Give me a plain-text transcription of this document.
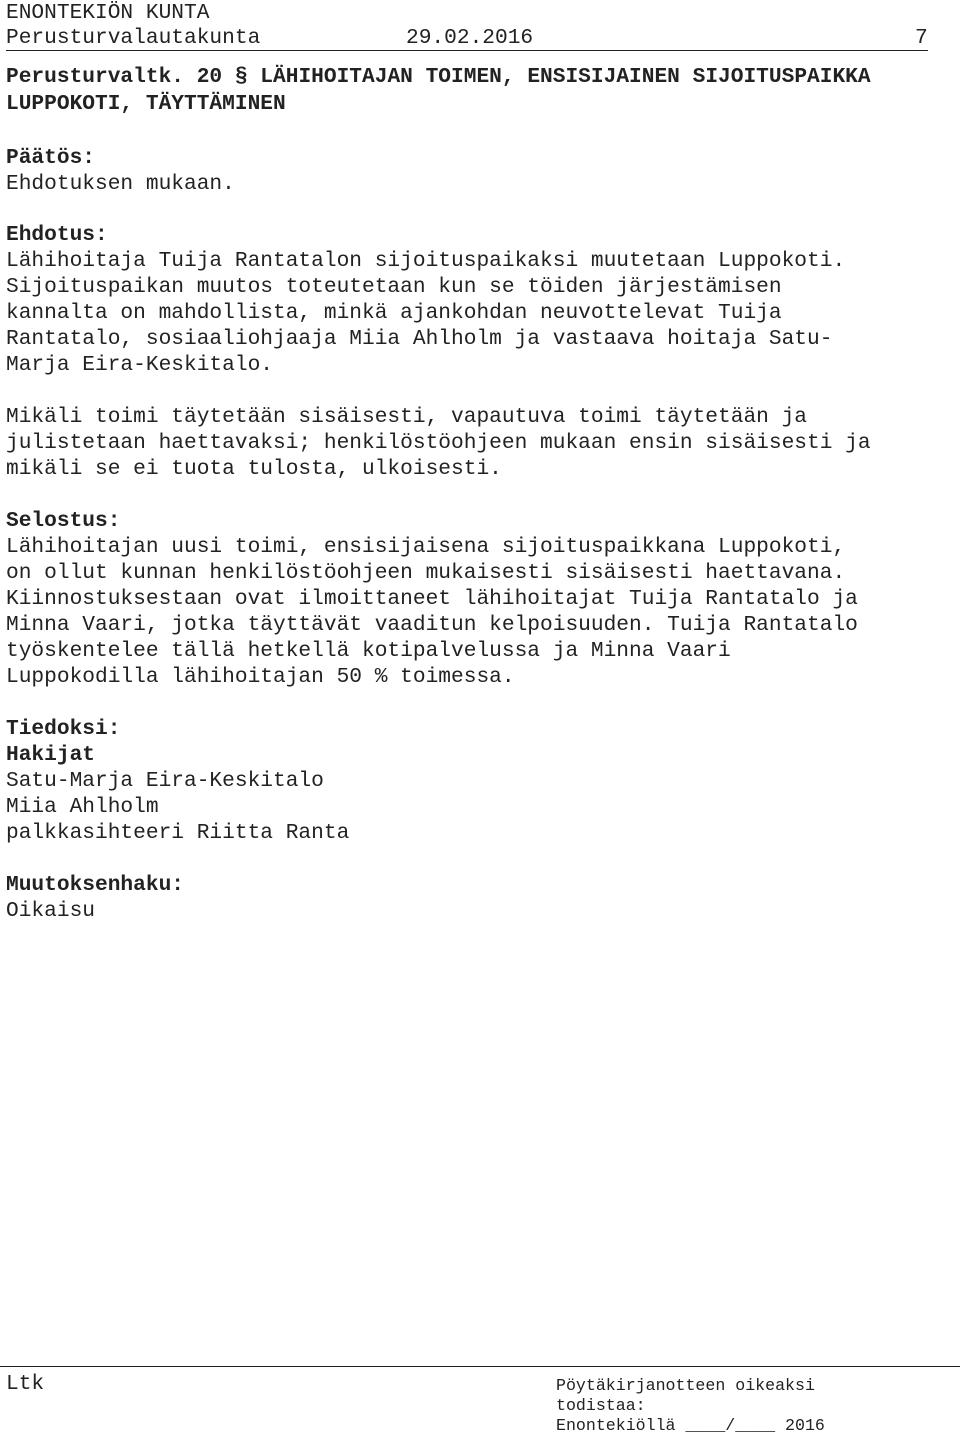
ENONTEKIÖN KUNTA
Perusturvalautakunta	29.02.2016	7
Perusturvaltk. 20 § LÄHIHOITAJAN TOIMEN, ENSISIJAINEN SIJOITUSPAIKKA
LUPPOKOTI, TÄYTTÄMINEN
Päätös:
Ehdotuksen mukaan.
Ehdotus:
Lähihoitaja Tuija Rantatalon sijoituspaikaksi muutetaan Luppokoti.
Sijoituspaikan muutos toteutetaan kun se töiden järjestämisen
kannalta on mahdollista, minkä ajankohdan neuvottelevat Tuija
Rantatalo, sosiaaliohjaaja Miia Ahlholm ja vastaava hoitaja Satu-
Marja Eira-Keskitalo.
Mikäli toimi täytetään sisäisesti, vapautuva toimi täytetään ja
julistetaan haettavaksi; henkilöstöohjeen mukaan ensin sisäisesti ja
mikäli se ei tuota tulosta, ulkoisesti.
Selostus:
Lähihoitajan uusi toimi, ensisijaisena sijoituspaikkana Luppokoti,
on ollut kunnan henkilöstöohjeen mukaisesti sisäisesti haettavana.
Kiinnostuksestaan ovat ilmoittaneet lähihoitajat Tuija Rantatalo ja
Minna Vaari, jotka täyttävät vaaditun kelpoisuuden. Tuija Rantatalo
työskentelee tällä hetkellä kotipalvelussa ja Minna Vaari
Luppokodilla lähihoitajan 50 % toimessa.
Tiedoksi:
Hakijat
Satu-Marja Eira-Keskitalo
Miia Ahlholm
palkkasihteeri Riitta Ranta
Muutoksenhaku:
Oikaisu
Ltk	Pöytäkirjanotteen oikeaksi
todistaa:
Enontekiöllä ____/____ 2016
